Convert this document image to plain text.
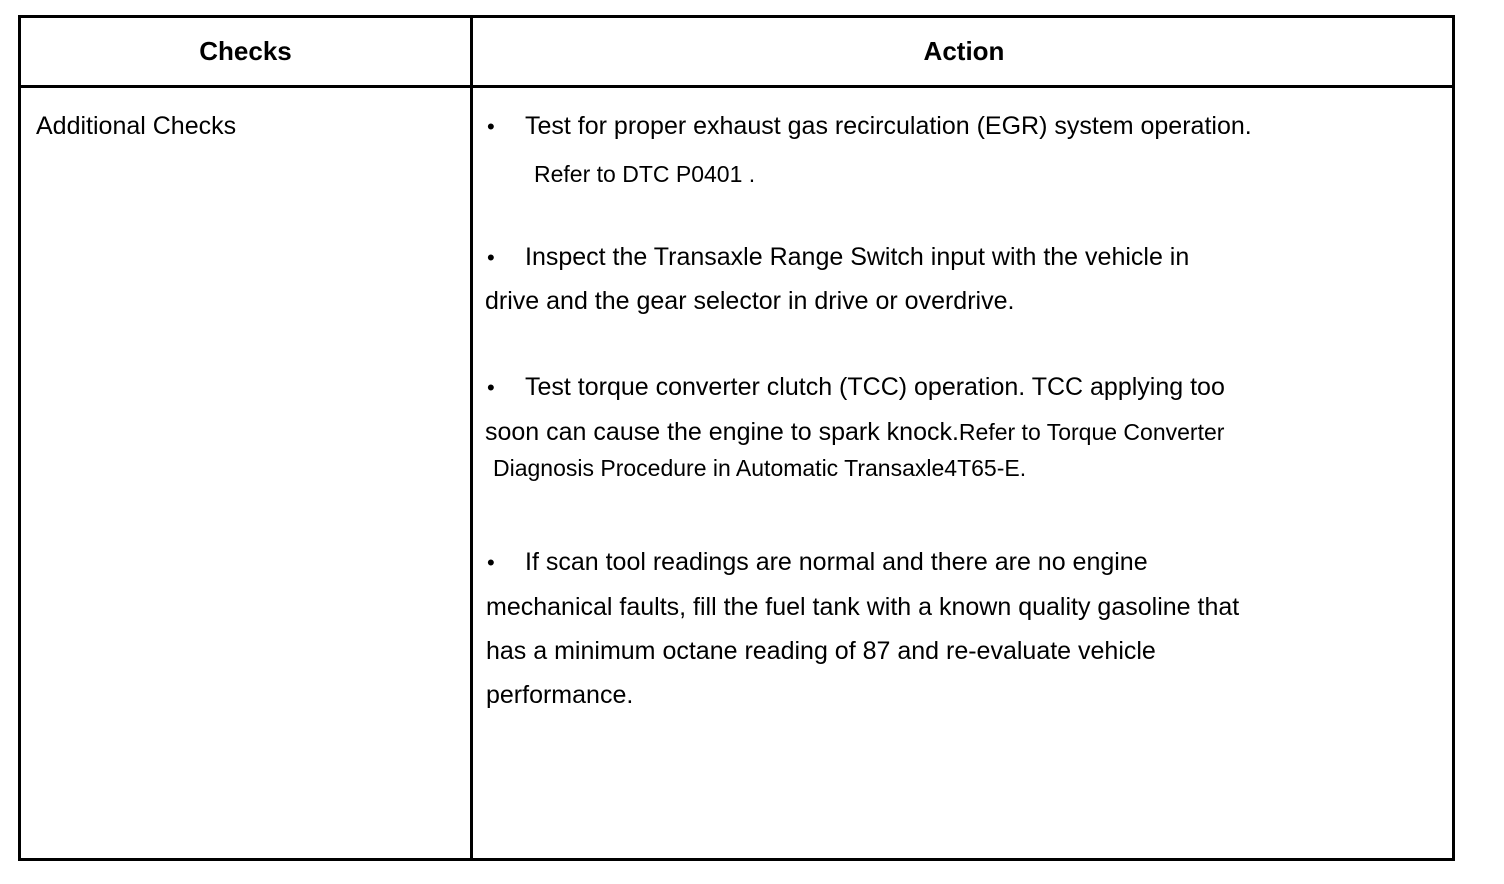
Checks	Action
Additional Checks	• Test for proper exhaust gas recirculation (EGR) system operation.
Refer to DTC P0401 .
• Inspect the Transaxle Range Switch input with the vehicle in
drive and the gear selector in drive or overdrive.
• Test torque converter clutch (TCC) operation. TCC applying too
soon can cause the engine to spark knock.Refer to Torque Converter
Diagnosis Procedure in Automatic Transaxle4T65-E.
• If scan tool readings are normal and there are no engine
mechanical faults, fill the fuel tank with a known quality gasoline that
has a minimum octane reading of 87 and re-evaluate vehicle
performance.
